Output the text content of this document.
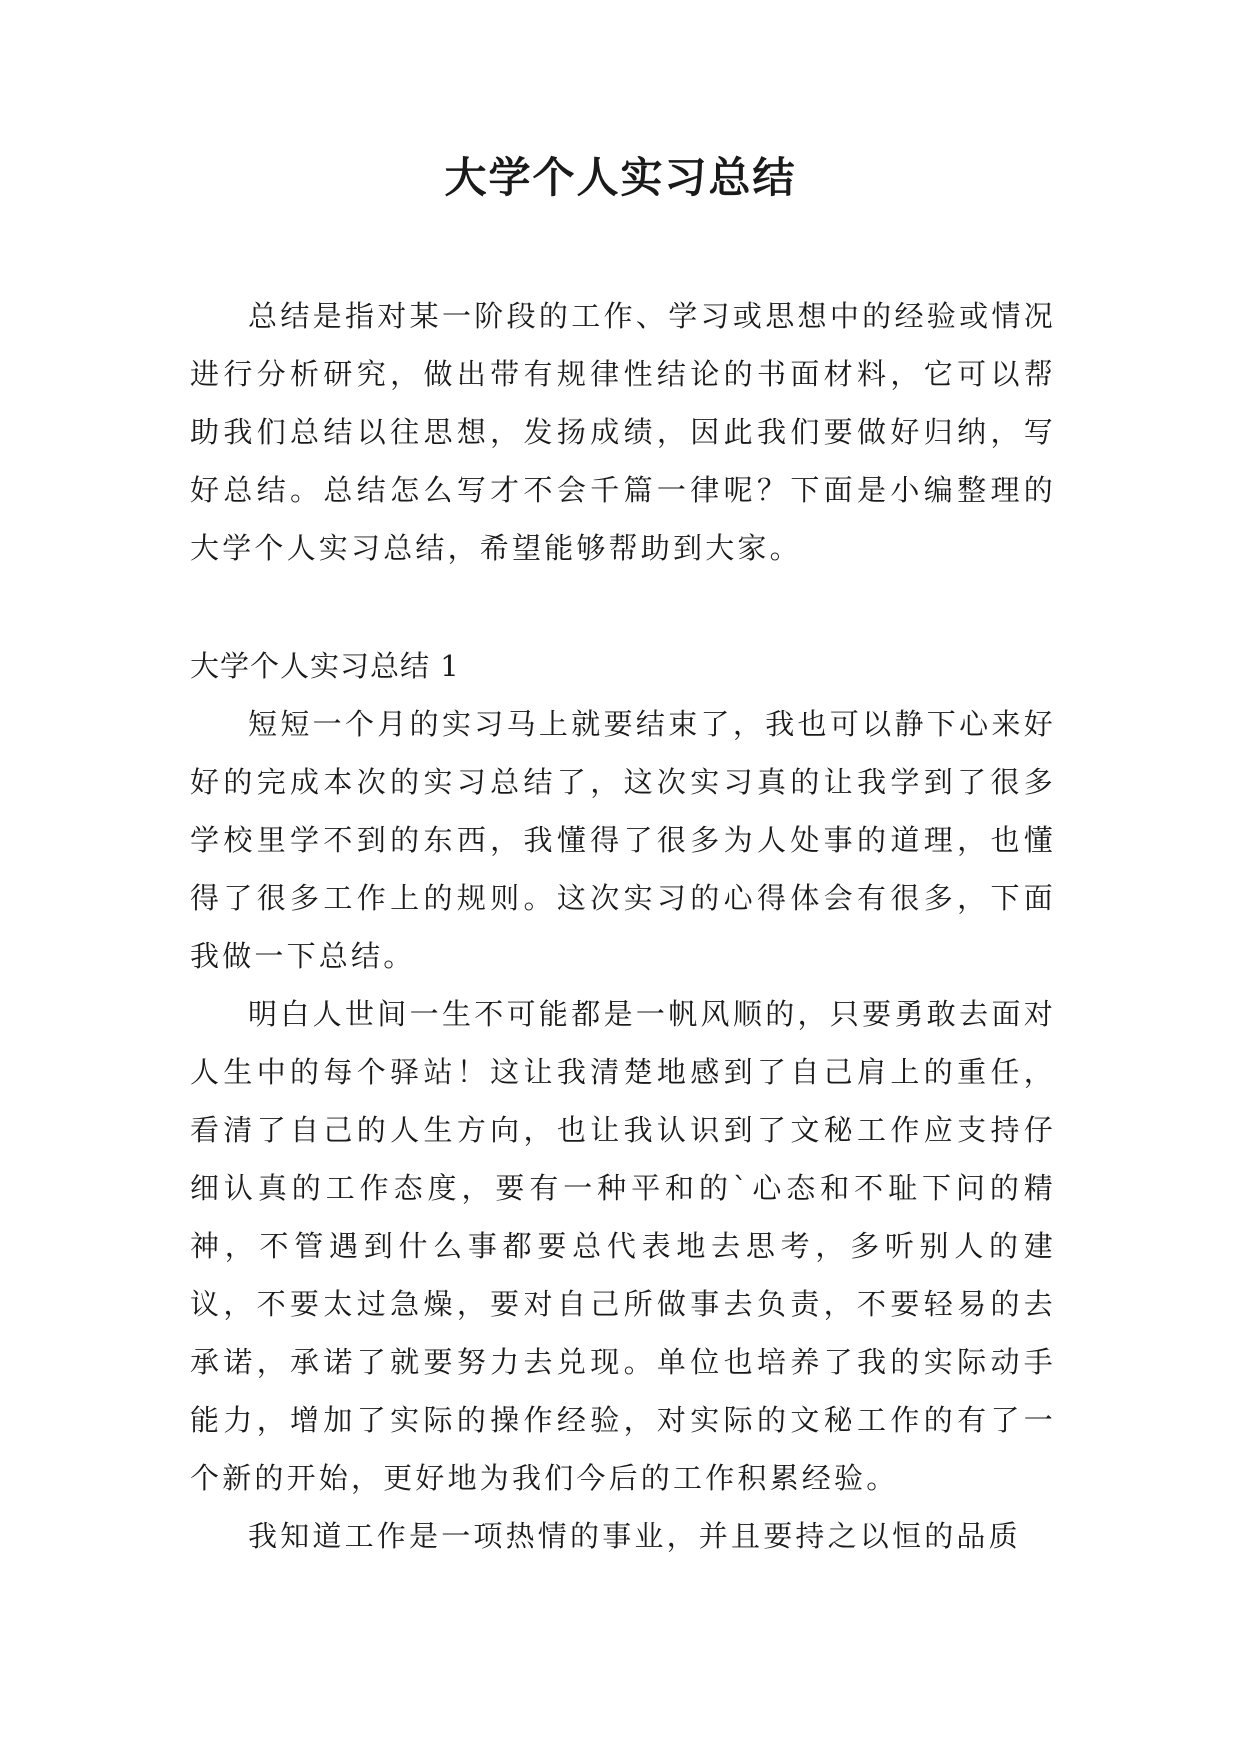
大学个人实习总结

总结是指对某一阶段的工作、学习或思想中的经验或情况进行分析研究，做出带有规律性结论的书面材料，它可以帮助我们总结以往思想，发扬成绩，因此我们要做好归纳，写好总结。总结怎么写才不会千篇一律呢？下面是小编整理的大学个人实习总结，希望能够帮助到大家。

大学个人实习总结 1

短短一个月的实习马上就要结束了，我也可以静下心来好好的完成本次的实习总结了，这次实习真的让我学到了很多学校里学不到的东西，我懂得了很多为人处事的道理，也懂得了很多工作上的规则。这次实习的心得体会有很多，下面我做一下总结。

明白人世间一生不可能都是一帆风顺的，只要勇敢去面对人生中的每个驿站！这让我清楚地感到了自己肩上的重任，看清了自己的人生方向，也让我认识到了文秘工作应支持仔细认真的工作态度，要有一种平和的`心态和不耻下问的精神，不管遇到什么事都要总代表地去思考，多听别人的建议，不要太过急燥，要对自己所做事去负责，不要轻易的去承诺，承诺了就要努力去兑现。单位也培养了我的实际动手能力，增加了实际的操作经验，对实际的文秘工作的有了一个新的开始，更好地为我们今后的工作积累经验。

我知道工作是一项热情的事业，并且要持之以恒的品质
